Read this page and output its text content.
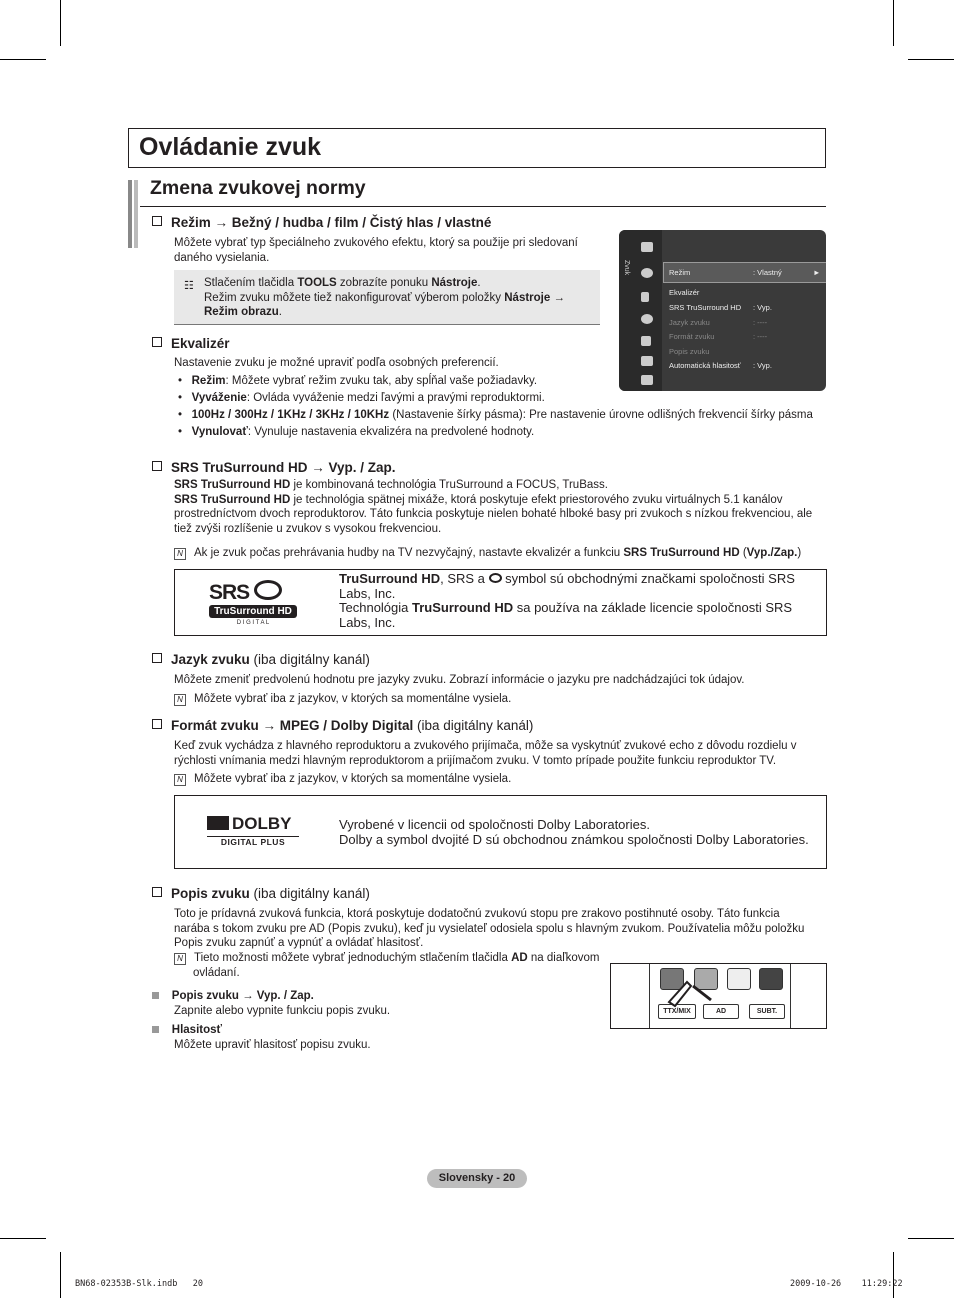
Ovládanie zvuk
Zmena zvukovej normy
Režim → Bežný / hudba / film / Čistý hlas / vlastné
Môžete vybrať typ špeciálneho zvukového efektu, ktorý sa použije pri sledovaní
daného vysielania.
☷ Stlačením tlačidla TOOLS zobrazíte ponuku Nástroje.
Režim zvuku môžete tiež nakonfigurovať výberom položky Nástroje →
Režim obrazu.
Zvuk	Režim	: Vlastný	►
Ekvalizér
SRS TruSurround HD : Vyp.
Jazyk zvuku	: ----
Formát zvuku	: ----
Popis zvuku
Automatická hlasitosť : Vyp.
Ekvalizér
Nastavenie zvuku je možné upraviť podľa osobných preferencií.
•   Režim: Môžete vybrať režim zvuku tak, aby spĺňal vaše požiadavky.
•   Vyváženie: Ovláda vyváženie medzi ľavými a pravými reproduktormi.
•   100Hz / 300Hz / 1KHz / 3KHz / 10KHz (Nastavenie šírky pásma): Pre nastavenie úrovne odlišných frekvencií šírky pásma
•   Vynulovať: Vynuluje nastavenia ekvalizéra na predvolené hodnoty.
SRS TruSurround HD → Vyp. / Zap.
SRS TruSurround HD je kombinovaná technológia TruSurround a FOCUS, TruBass.
SRS TruSurround HD je technológia spätnej mixáže, ktorá poskytuje efekt priestorového zvuku virtuálnych 5.1 kanálov
prostredníctvom dvoch reproduktorov. Táto funkcia poskytuje nielen bohaté hlboké basy pri zvukoch s nízkou frekvenciou, ale
tiež zvýši rozlíšenie u zvukov s vysokou frekvenciou.
N Ak je zvuk počas prehrávania hudby na TV nezvyčajný, nastavte ekvalizér a funkciu SRS TruSurround HD (Vyp./Zap.)
SRS
TruSurround HD
D I G I T A L
TruSurround HD, SRS a  symbol sú obchodnými značkami spoločnosti SRS
Labs, Inc.
Technológia TruSurround HD sa používa na základe licencie spoločnosti SRS
Labs, Inc.
Jazyk zvuku (iba digitálny kanál)
Môžete zmeniť predvolenú hodnotu pre jazyky zvuku. Zobrazí informácie o jazyku pre nadchádzajúci tok údajov.
N Môžete vybrať iba z jazykov, v ktorých sa momentálne vysiela.
Formát zvuku → MPEG / Dolby Digital (iba digitálny kanál)
Keď zvuk vychádza z hlavného reproduktoru a zvukového prijímača, môže sa vyskytnúť zvukové echo z dôvodu rozdielu v
rýchlosti vnímania medzi hlavným reproduktorom a prijímačom zvuku. V tomto prípade použite funkciu reproduktor TV.
N Môžete vybrať iba z jazykov, v ktorých sa momentálne vysiela.
DOLBY
DIGITAL PLUS
Vyrobené v licencii od spoločnosti Dolby Laboratories.
Dolby a symbol dvojité D sú obchodnou známkou spoločnosti Dolby Laboratories.
Popis zvuku (iba digitálny kanál)
Toto je prídavná zvuková funkcia, ktorá poskytuje dodatočnú zvukovú stopu pre zrakovo postihnuté osoby. Táto funkcia
narába s tokom zvuku pre AD (Popis zvuku), keď ju vysielateľ odosiela spolu s hlavným zvukom. Používatelia môžu položku
Popis zvuku zapnúť a vypnúť a ovládať hlasitosť.
N Tieto možnosti môžete vybrať jednoduchým stlačením tlačidla AD na diaľkovom
ovládaní.
Popis zvuku → Vyp. / Zap.
Zapnite alebo vypnite funkciu popis zvuku.
Hlasitosť
Môžete upraviť hlasitosť popisu zvuku.
TTX/MIX	AD	SUBT.
Slovensky - 20
BN68-02353B-Slk.indb   20	2009-10-26    11:29:22
